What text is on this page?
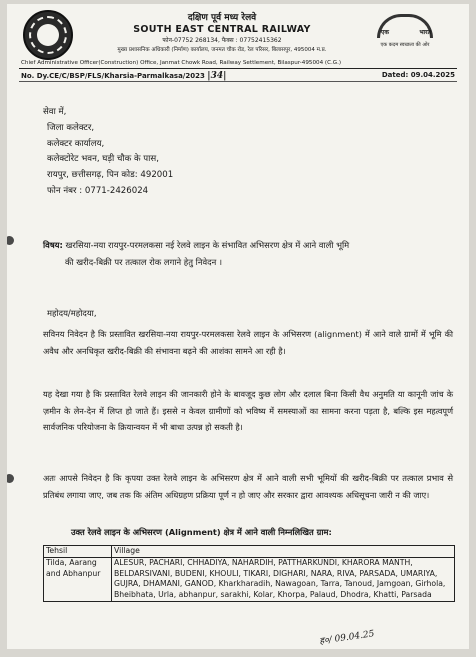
दक्षिण पूर्व मध्य रेलवे
SOUTH EAST CENTRAL RAILWAY
फोन-07752 268134, फैक्स : 07752415362
मुख्य प्रशासनिक अधिकारी (निर्माण) कार्यालय, जनमत चौक रोड, रेल परिसर, बिलासपुर, 495004 म.प्र.
एक	भारत
एक कदम स्वच्छता की ओर
Chief Administrative Officer(Construction) Office, Janmat Chowk Road, Railway Settlement, Bilaspur-495004 (C.G.)
No. Dy.CE/C/BSP/FLS/Kharsia-Parmalkasa/2023 |34|	Dated: 09.04.2025
सेवा में,
जिला कलेक्टर,
कलेक्टर कार्यालय,
कलेक्टोरेट भवन, घड़ी चौक के पास,
रायपुर, छत्तीसगढ़, पिन कोड: 492001
फोन नंबर : 0771-2426024
विषय: खरसिया-नया रायपुर-परमलकसा नई रेलवे लाइन के संभावित अभिसरण क्षेत्र में आने वाली भूमि
की खरीद-बिक्री पर तत्काल रोक लगाने हेतु निवेदन ।
महोदय/महोदया,
सविनय निवेदन है कि प्रस्तावित खरसिया-नया रायपुर-परमलकसा रेलवे लाइन के अभिसरण (alignment) में आने वाले ग्रामों में भूमि की अवैध और अनधिकृत खरीद-बिक्री की संभावना बढ़ने की आशंका सामने आ रही है।
यह देखा गया है कि प्रस्तावित रेलवे लाइन की जानकारी होने के बावजूद कुछ लोग और दलाल बिना किसी वैध अनुमति या कानूनी जांच के ज़मीन के लेन-देन में लिप्त हो जाते हैं। इससे न केवल ग्रामीणों को भविष्य में समस्याओं का सामना करना पड़ता है, बल्कि इस महत्वपूर्ण सार्वजनिक परियोजना के क्रियान्वयन में भी बाधा उत्पन्न हो सकती है।
अतः आपसे निवेदन है कि कृपया उक्त रेलवे लाइन के अभिसरण क्षेत्र में आने वाली सभी भूमियों की खरीद-बिक्री पर तत्काल प्रभाव से प्रतिबंध लगाया जाए, जब तक कि अंतिम अधिग्रहण प्रक्रिया पूर्ण न हो जाए और सरकार द्वारा आवश्यक अधिसूचना जारी न की जाए।
उक्त रेलवे लाइन के अभिसरण (Alignment) क्षेत्र में आने वाली निम्नलिखित ग्राम:
Tehsil	Village
Tilda, Aarang and Abhanpur	ALESUR, PACHARI, CHHADIYA, NAHARDIH, PATTHARKUNDI, KHARORA MANTH, BELDARSIVANI, BUDENI, KHOULI, TIKARI, DIGHARI, NARA, RIVA, PARSADA, UMARIYA, GUJRA, DHAMANI, GANOD, Kharkharadih, Nawagoan, Tarra, Tanoud, Jamgoan, Girhola, Bheibhata, Urla, abhanpur, sarakhi, Kolar, Khorpa, Palaud, Dhodra, Khatti, Parsada
ह०/ 09.04.25
